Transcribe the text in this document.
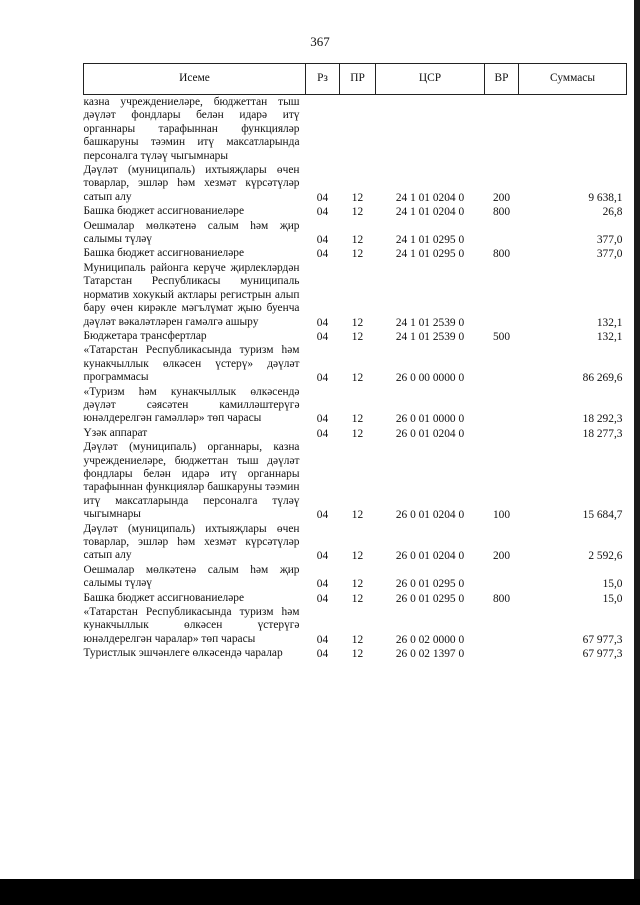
367
Исеме	Рз	ПР	ЦСР	ВР	Суммасы
казна учреждениеләре, бюджеттан тыш дәүләт фондлары белән идарә итү органнары тарафыннан функцияләр башкаруны тәэмин итү максатларында персоналга түләү чыгымнары					
Дәүләт (муниципаль) ихтыяҗлары өчен товарлар, эшләр һәм хезмәт күрсәтүләр сатып алу	04	12	24 1 01 0204 0	200	9 638,1
Башка бюджет ассигнованиеләре	04	12	24 1 01 0204 0	800	26,8
Оешмалар мөлкәтенә салым һәм җир салымы түләү	04	12	24 1 01 0295 0		377,0
Башка бюджет ассигнованиеләре	04	12	24 1 01 0295 0	800	377,0
Муниципаль районга керүче җирлекләрдән Татарстан Республикасы муниципаль норматив хокукый актлары регистрын алып бару өчен кирәкле мәгълүмат җыю буенча дәүләт вәкаләтләрен гамәлгә ашыру	04	12	24 1 01 2539 0		132,1
Бюджетара трансфертлар	04	12	24 1 01 2539 0	500	132,1
«Татарстан Республикасында туризм һәм кунакчыллык өлкәсен үстерү» дәүләт программасы	04	12	26 0 00 0000 0		86 269,6
«Туризм һәм кунакчыллык өлкәсендә дәүләт сәясәтен камилләштерүгә юнәлдерелгән гамәлләр» төп чарасы	04	12	26 0 01 0000 0		18 292,3
Үзәк аппарат	04	12	26 0 01 0204 0		18 277,3
Дәүләт (муниципаль) органнары, казна учреждениеләре, бюджеттан тыш дәүләт фондлары белән идарә итү органнары тарафыннан функцияләр башкаруны тәэмин итү максатларында персоналга түләү чыгымнары	04	12	26 0 01 0204 0	100	15 684,7
Дәүләт (муниципаль) ихтыяҗлары өчен товарлар, эшләр һәм хезмәт күрсәтүләр сатып алу	04	12	26 0 01 0204 0	200	2 592,6
Оешмалар мөлкәтенә салым һәм җир салымы түләү	04	12	26 0 01 0295 0		15,0
Башка бюджет ассигнованиеләре	04	12	26 0 01 0295 0	800	15,0
«Татарстан Республикасында туризм һәм кунакчыллык өлкәсен үстерүгә юнәлдерелгән чаралар» төп чарасы	04	12	26 0 02 0000 0		67 977,3
Туристлык эшчәнлеге өлкәсендә чаралар	04	12	26 0 02 1397 0		67 977,3
